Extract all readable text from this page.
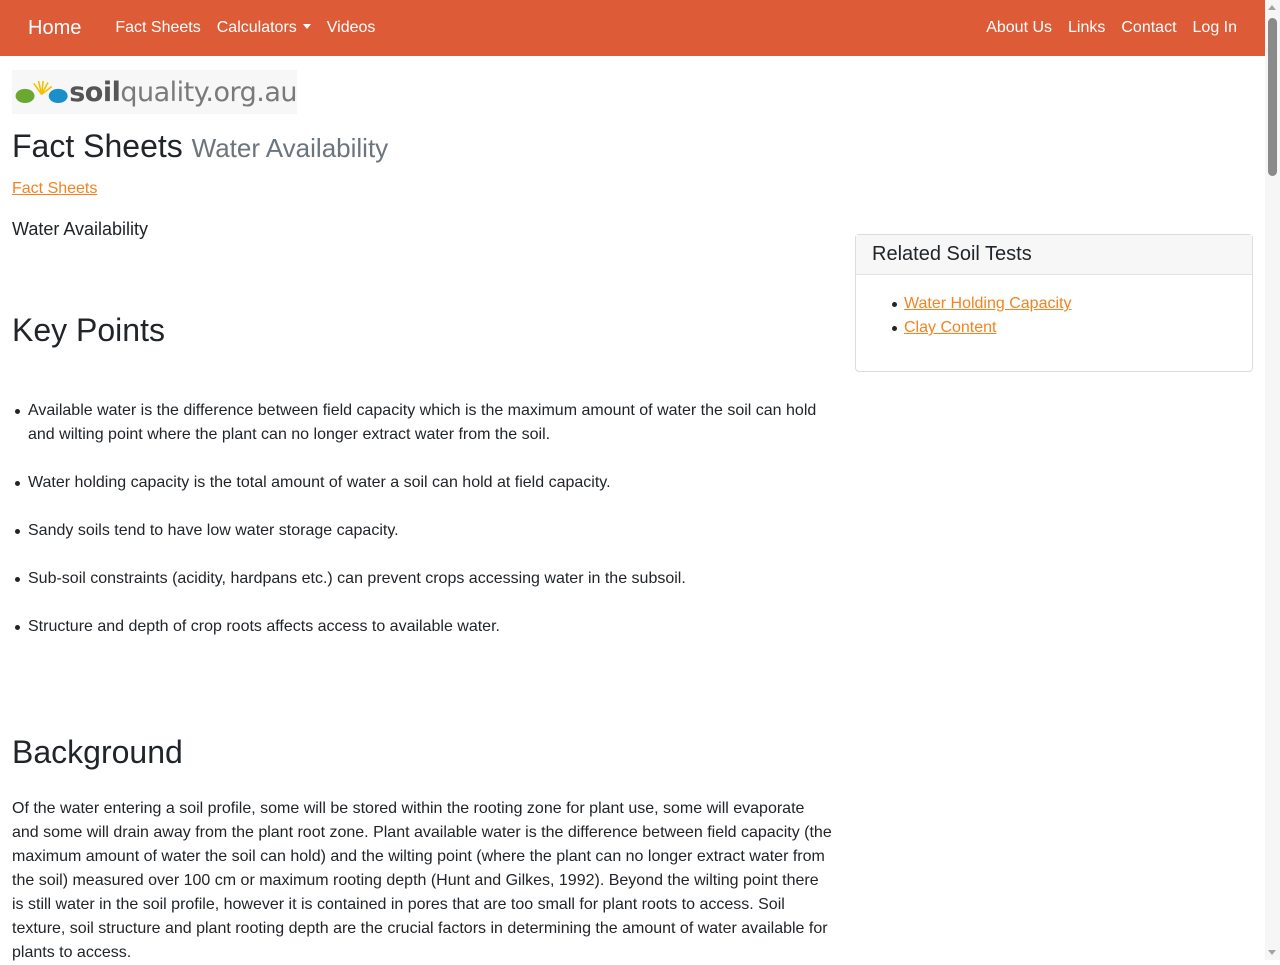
Home	Fact Sheets	Calculators	Videos	About Us	Links	Contact	Log In
soilquality.org.au
Fact Sheets Water Availability
Fact Sheets
Water Availability
Key Points
Available water is the difference between field capacity which is the maximum amount of water the soil can hold and wilting point where the plant can no longer extract water from the soil.
Water holding capacity is the total amount of water a soil can hold at field capacity.
Sandy soils tend to have low water storage capacity.
Sub-soil constraints (acidity, hardpans etc.) can prevent crops accessing water in the subsoil.
Structure and depth of crop roots affects access to available water.
Background

Of the water entering a soil profile, some will be stored within the rooting zone for plant use, some will evaporate and some will drain away from the plant root zone. Plant available water is the difference between field capacity (the maximum amount of water the soil can hold) and the wilting point (where the plant can no longer extract water from the soil) measured over 100 cm or maximum rooting depth (Hunt and Gilkes, 1992). Beyond the wilting point there is still water in the soil profile, however it is contained in pores that are too small for plant roots to access. Soil texture, soil structure and plant rooting depth are the crucial factors in determining the amount of water available for plants to access.

Related Soil Tests
Water Holding Capacity
Clay Content
